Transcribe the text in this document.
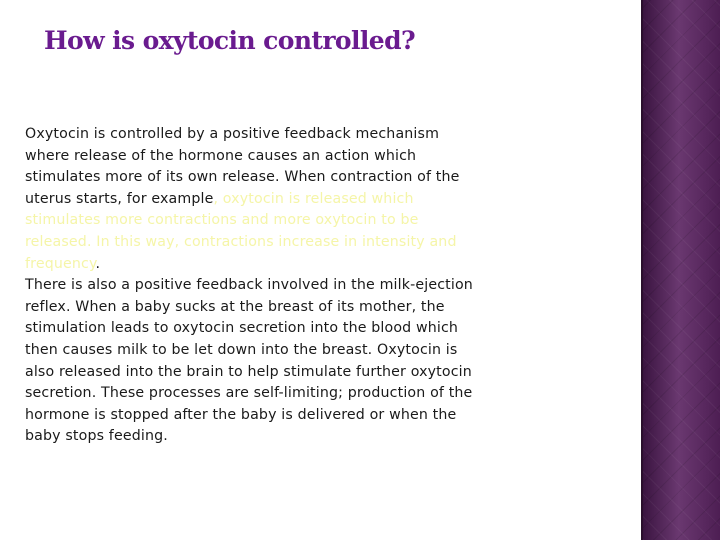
How is oxytocin controlled?

Oxytocin is controlled by a positive feedback mechanism where release of the hormone causes an action which stimulates more of its own release. When contraction of the uterus starts, for example, oxytocin is released which stimulates more contractions and more oxytocin to be released. In this way, contractions increase in intensity and frequency.

There is also a positive feedback involved in the milk-ejection reflex. When a baby sucks at the breast of its mother, the stimulation leads to oxytocin secretion into the blood which then causes milk to be let down into the breast. Oxytocin is also released into the brain to help stimulate further oxytocin secretion. These processes are self-limiting; production of the hormone is stopped after the baby is delivered or when the baby stops feeding.
